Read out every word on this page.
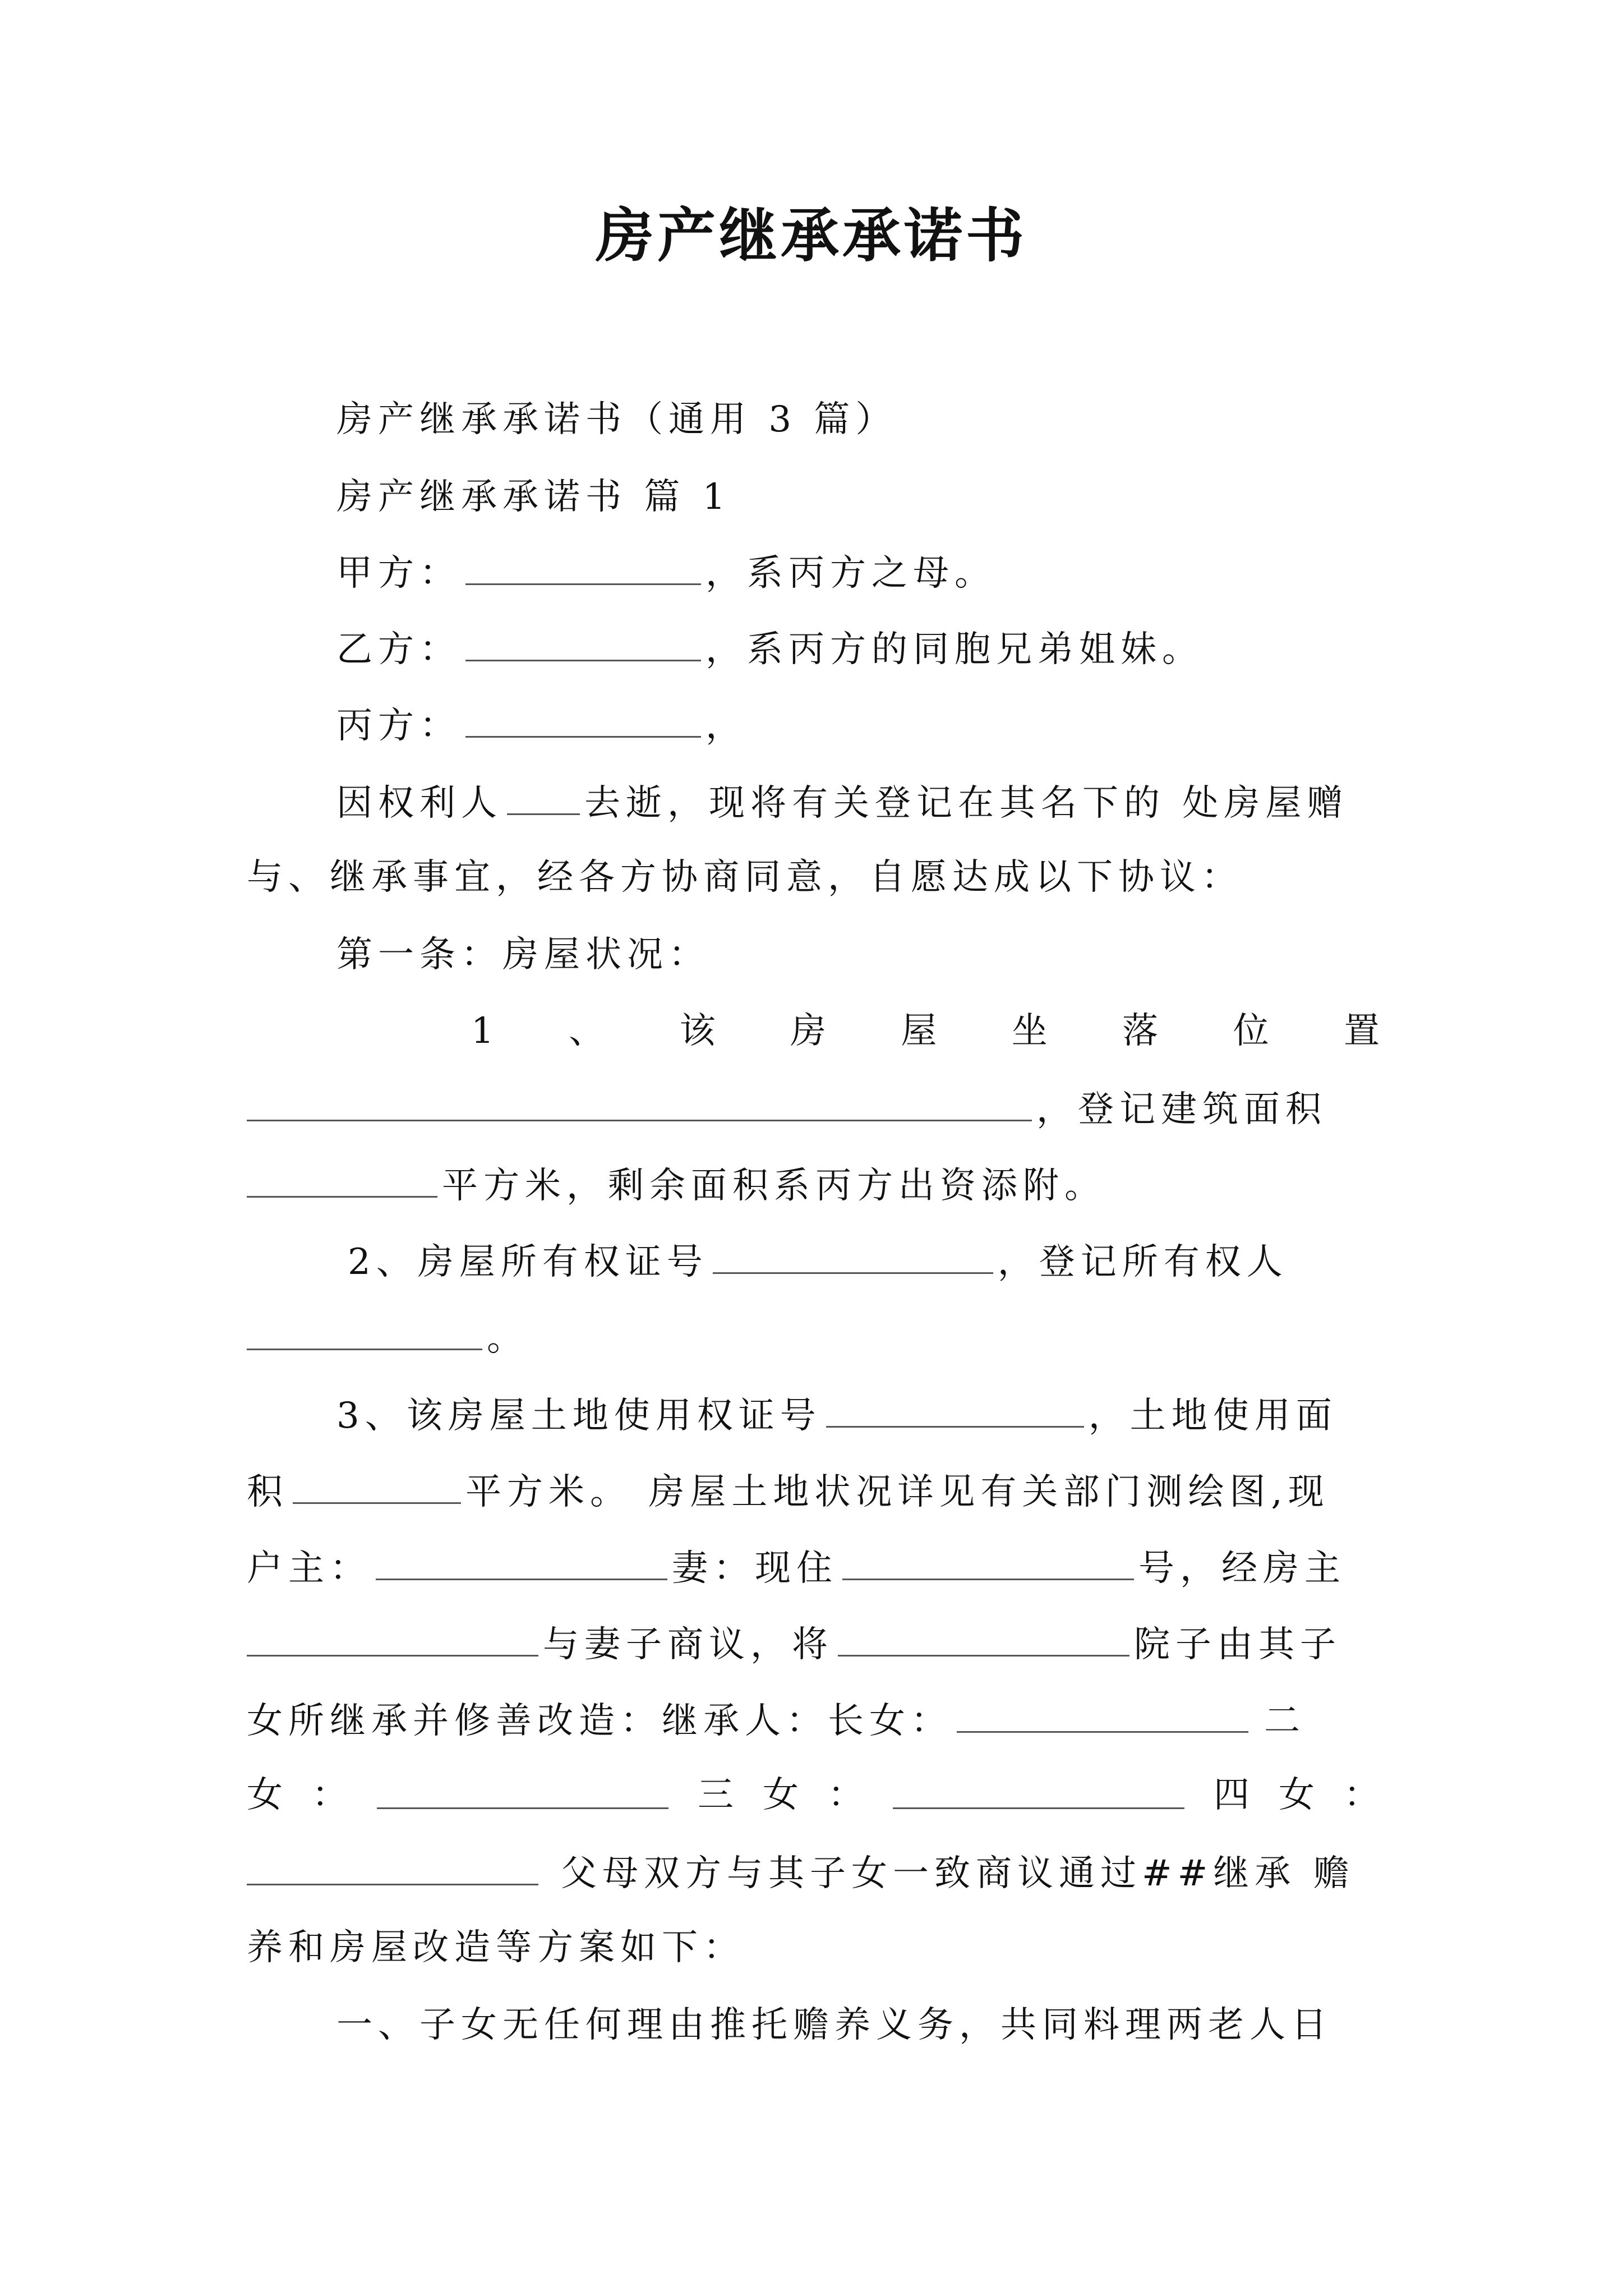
房产继承承诺书

房产继承承诺书（通用 3 篇）

房产继承承诺书 篇 1

甲方：	，系丙方之母。

乙方：	，系丙方的同胞兄弟姐妹。

丙方：	，

因权利人 去逝，现将有关登记在其名下的 处房屋赠

与、继承事宜，经各方协商同意，自愿达成以下协议：

第一条：房屋状况：

1 、 该 房 屋 坐 落 位 置

，登记建筑面积

平方米，剩余面积系丙方出资添附。

2、房屋所有权证号	，登记所有权人

。

3、该房屋土地使用权证号	，土地使用面

积	平方米。 房屋土地状况详见有关部门测绘图,现

户主：	妻：现住	号，经房主

与妻子商议，将	院子由其子

女所继承并修善改造：继承人：长女：	二

女 ：	三 女 ：	四 女 ：

父母双方与其子女一致商议通过##继承 赡

养和房屋改造等方案如下：

一、子女无任何理由推托赡养义务，共同料理两老人日
